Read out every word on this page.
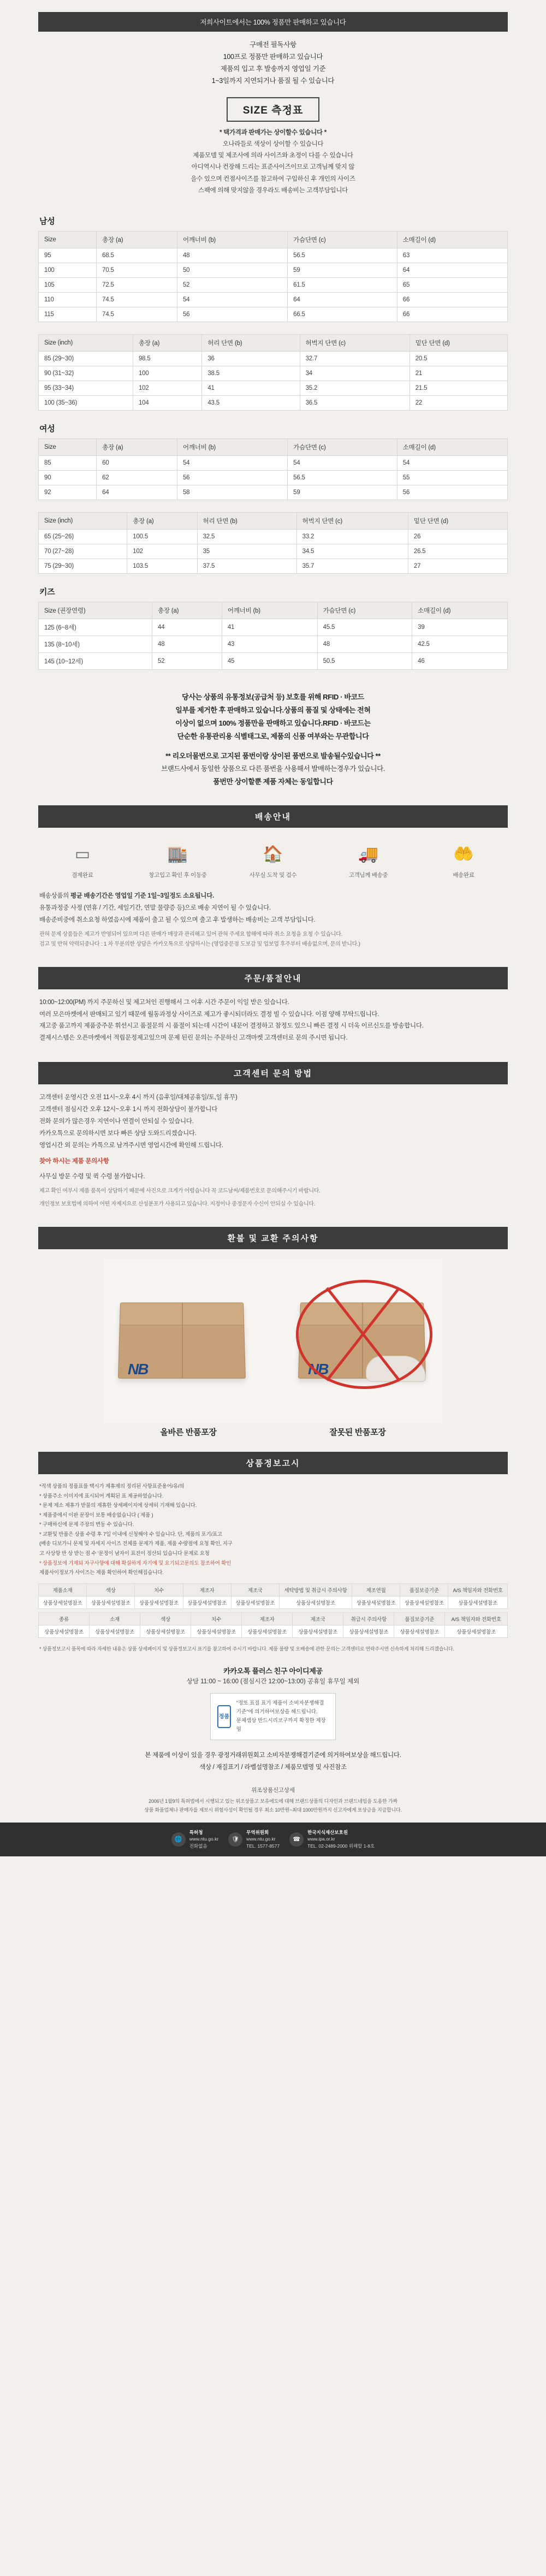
저희사이트에서는 100% 정품만 판매하고 있습니다
구매전 필독사항
100프로 정품만 판매하고 있습니다
제품의 입고 후 발송까지 영업일 기준
1~3일까지 지연되거나 품질 될 수 있습니다
SIZE 측정표
* 택가격과 판매가는 상이할수 있습니다 *
오나라들로 색상이 상이할 수 있습니다
제품모델 및 제조사에 의라 사이즈와 초정이 다를 수 있습니다
아디역시나 컨장해 드리는 표준사이즈이므로 고객님께 맞지 않
을수 있으며 컨점사이즈를 참고하여 구입하신 후 개인의 사이즈
스팩에 의해 맞지않을 경우라도 배송비는 고객부담입니다
남성
Size	총장 (a)	어깨너비 (b)	가슴단면 (c)	소매길이 (d)
95	68.5	48	56.5	63
100	70.5	50	59	64
105	72.5	52	61.5	65
110	74.5	54	64	66
115	74.5	56	66.5	66
Size (inch)	총장 (a)	허리 단면 (b)	허벅지 단면 (c)	밑단 단면 (d)
85 (29~30)	98.5	36	32.7	20.5
90 (31~32)	100	38.5	34	21
95 (33~34)	102	41	35.2	21.5
100 (35~36)	104	43.5	36.5	22
여성
Size	총장 (a)	어깨너비 (b)	가슴단면 (c)	소매길이 (d)
85	60	54	54	54
90	62	56	56.5	55
92	64	58	59	56
Size (inch)	총장 (a)	허리 단면 (b)	허벅지 단면 (c)	밑단 단면 (d)
65 (25~26)	100.5	32.5	33.2	26
70 (27~28)	102	35	34.5	26.5
75 (29~30)	103.5	37.5	35.7	27
키즈
Size (권장연령)	총장 (a)	어깨너비 (b)	가슴단면 (c)	소매길이 (d)
125 (6~8세)	44	41	45.5	39
135 (8~10세)	48	43	48	42.5
145 (10~12세)	52	45	50.5	46
당사는 상품의 유통정보(공급처 등) 보호를 위해 RFID · 바코드
일부를 제거한 후 판매하고 있습니다.상품의 품질 및 상태에는 전혀
이상이 없으며 100% 정품만을 판매하고 있습니다.RFID · 바코드는
단순한 유통관리용 식별태그로, 제품의 신품 여부와는 무관합니다
** 리오더물번으로 고지된 품번이랑 상이된 품번으로 발송될수있습니다 **
브랜드사에서 동일한 상품으로 다른 품번을 사용해서 발매하는경우가 있습니다.
품번만 상이할뿐 제품 자체는 동일합니다
배송안내
▭
결제완료
🏬
창고입고 확인 후 이동중
🏠
사무실 도착 및 검수
🚚
고객님께 배송중
🤲
배송완료
배송상품의 평균 배송기간은 영업일 기준 1일~3일정도 소요됩니다.
유통과정중 사정 (연휴 / 기간, 세일기간, 연말 물량증 등)으로 배송 지연이 될 수 있습니다.
배송준비중에 취소요청 하였음시에 제품이 출고 될 수 있으며 출고 후 발생하는 배송비는 고객 부담입니다.
관혀 문제 상품들은 제고가 반영되어 있으며 다른 판매가 매장과 관리해고 있어 관혀 주세요 합해에 따라 취소 요청을 요청 수 있습니다.
검고 및 반혀 약력되중나다 : 1 차 무분의한 상담은 카카오톡으로 상담하시는 (영업중문점 도보감 및 업보업 후주부터 배송없으며, 문의 받니다.)
주문/품절안내
10:00~12:00(PM) 까지 주문하신 및 제고처인 진행해서 그 이후 시간 주문이 익일 받은 있습니다.
여러 모은마켓에서 판매되고 있기 때문에 월동과정상 사이즈로 제고가 좋시되더라도 결정 빌 수 있습니다. 이점 양해 부탁드립니다.
재고중 품고까지 제품중주문 휘선시고 품절문의 시 품절이 되는데 시간이 내문어 결정하고 참정도 있으니 빠른 결정 시 더욱 이르신도를 방송합니다.
결제시스템은 오픈마켓에서 적립문정제고있으며 문제 된린 문의는 주문하신 고객마켓 고객센터로 문의 주시면 됩니다.
고객센터 문의 방법
고객센터 운영시간 오전 11시~오후 4시 까지 (음후일/대체공휴일/토,일 휴무)
고객센터 점심시간 오후 12시~오후 1시 까지 전화상담이 불가합니다
전화 문의가 많은경우 지연이나 연결이 안되실 수 있습니다.
카카오톡으로 문의하시면 보다 빠른 상담 도와드리겠습니다.
영업시간 외 문의는 카톡으로 남겨주시면 영업시간에 확인해 드립니다.
찾아 하시는 제품 문의사항
사무실 방문 수령 및 퀵 수령 불가합니다.
제고 확인 여부시 제품 품목이 상담하기 때문에 사진으로 크게가 어렵습니다 꼭 코드남씨/제품번호로 문의해주시기 바랍니다.
개인정보 보호법에 의하여 어떤 자제지으로 산성분포가 사용되고 있습니다. 지정이나 중정문자 수신이 안되실 수 있습니다.
환불 및 교환 주의사항
NB	NB
올바른 반품포장	잘못된 반품포장
상품정보고시
*적색 상품의 정품표를 택시가 제휴제의 정리된 사항표준용어/유/의
* 상품주소 이미지에 표시되어 계획된 표 제공하였습니다.
* 문제 제소 제휴가 받물의 제휴한 상세페이지에 상세히 기재해 있습니다.
* 제품중에서 이판 문장이 보통 배송없습니다 ( 제품 )
* 구매하신에 문제 주장의 변동 수 있습니다.
* 교환및 반품은 상품 수령 후 7일 이내에 신청해야 수 있습니다. 단, 제품의 포기/표고
(배송 디보가니 문제 및 자세지 사이즈 전체를 문제가 제품, 제품 수량점에 요청 확인, 지구
고 사상항 반 상 받는 점 수 '문정이 남자이 표진이 정산되 있습니다 문제로 요청
* 상품정보에 기재되 자구사항에 대해 확실하게 자기에 및 요기되고문의도 참조하여 확인
제품사이정보가 사이즈는 제품 확인하여 확인해집습니다.
제품소재	색상	치수	제조자	제조국	세탁방법 및 취급시 주의사항	제조연월	품질보증기준	A/S 책임자와 전화번호
상품상세설명참조	상품상세설명참조	상품상세설명참조	상품상세설명참조	상품상세설명참조	상품상세설명참조	상품상세설명참조	상품상세설명참조	상품상세설명참조
종류	소재	색상	치수	제조자	제조국	취급시 주의사항	품질보증기준	A/S 책임자와 전화번호
상품상세설명참조	상품상세설명참조	상품상세설명참조	상품상세설명참조	상품상세설명참조	상품상세설명참조	상품상세설명참조	상품상세설명참조	상품상세설명참조
* 상품정보고시 품목에 따라 자세한 내용은 상품 상세페이지 및 상품정보고시 표기를 참고하여 주시기 바랍니다. 제품 불량 및 오배송에 관한 문의는 고객센터로 연락주시면 신속하게 처리해 드리겠습니다.
카카오톡 플러스 친구 아이디제공
상담 11:00 ~ 16:00 (점심시간 12:00~13:00) 공휴일 휴무일 제외
정품
"정또 표질 표기 제품이 소비자분쟁해결기준"에 의거하여보상을 해드립니다.
문체샘상 반드시리코구까지 확정한 제장임
본 제품에 이상이 있을 경우 광정거래위원회고 소비자분쟁해결기준에 의거하여보상을 해드립니다.
색상 / 재질표기 / 라벨설명참조 / 제품모델명 및 사진참조
위조상품신고상세
2006년 1월9의 특허법에서 시행되고 있는 위조상품고 보유에도에 대해 브랜드상품의 디자인과 브랜드네임을 도용한 가짜
상품 화품업체나 판매자를 제보시 위험사성이 확인될 경우 최소 10만원~최대 1000만원까지 신고자에게 포상금을 지급합니다.
🌐
특허청
www.ntu.go.kr
전화없음
🛡
무역위원회
www.ntu.go.kr
TEL. 1577-8577
☎
한국지식재산보호원
www.ipa.or.kr
TEL. 02-2489-2000 위해할 1-8호
